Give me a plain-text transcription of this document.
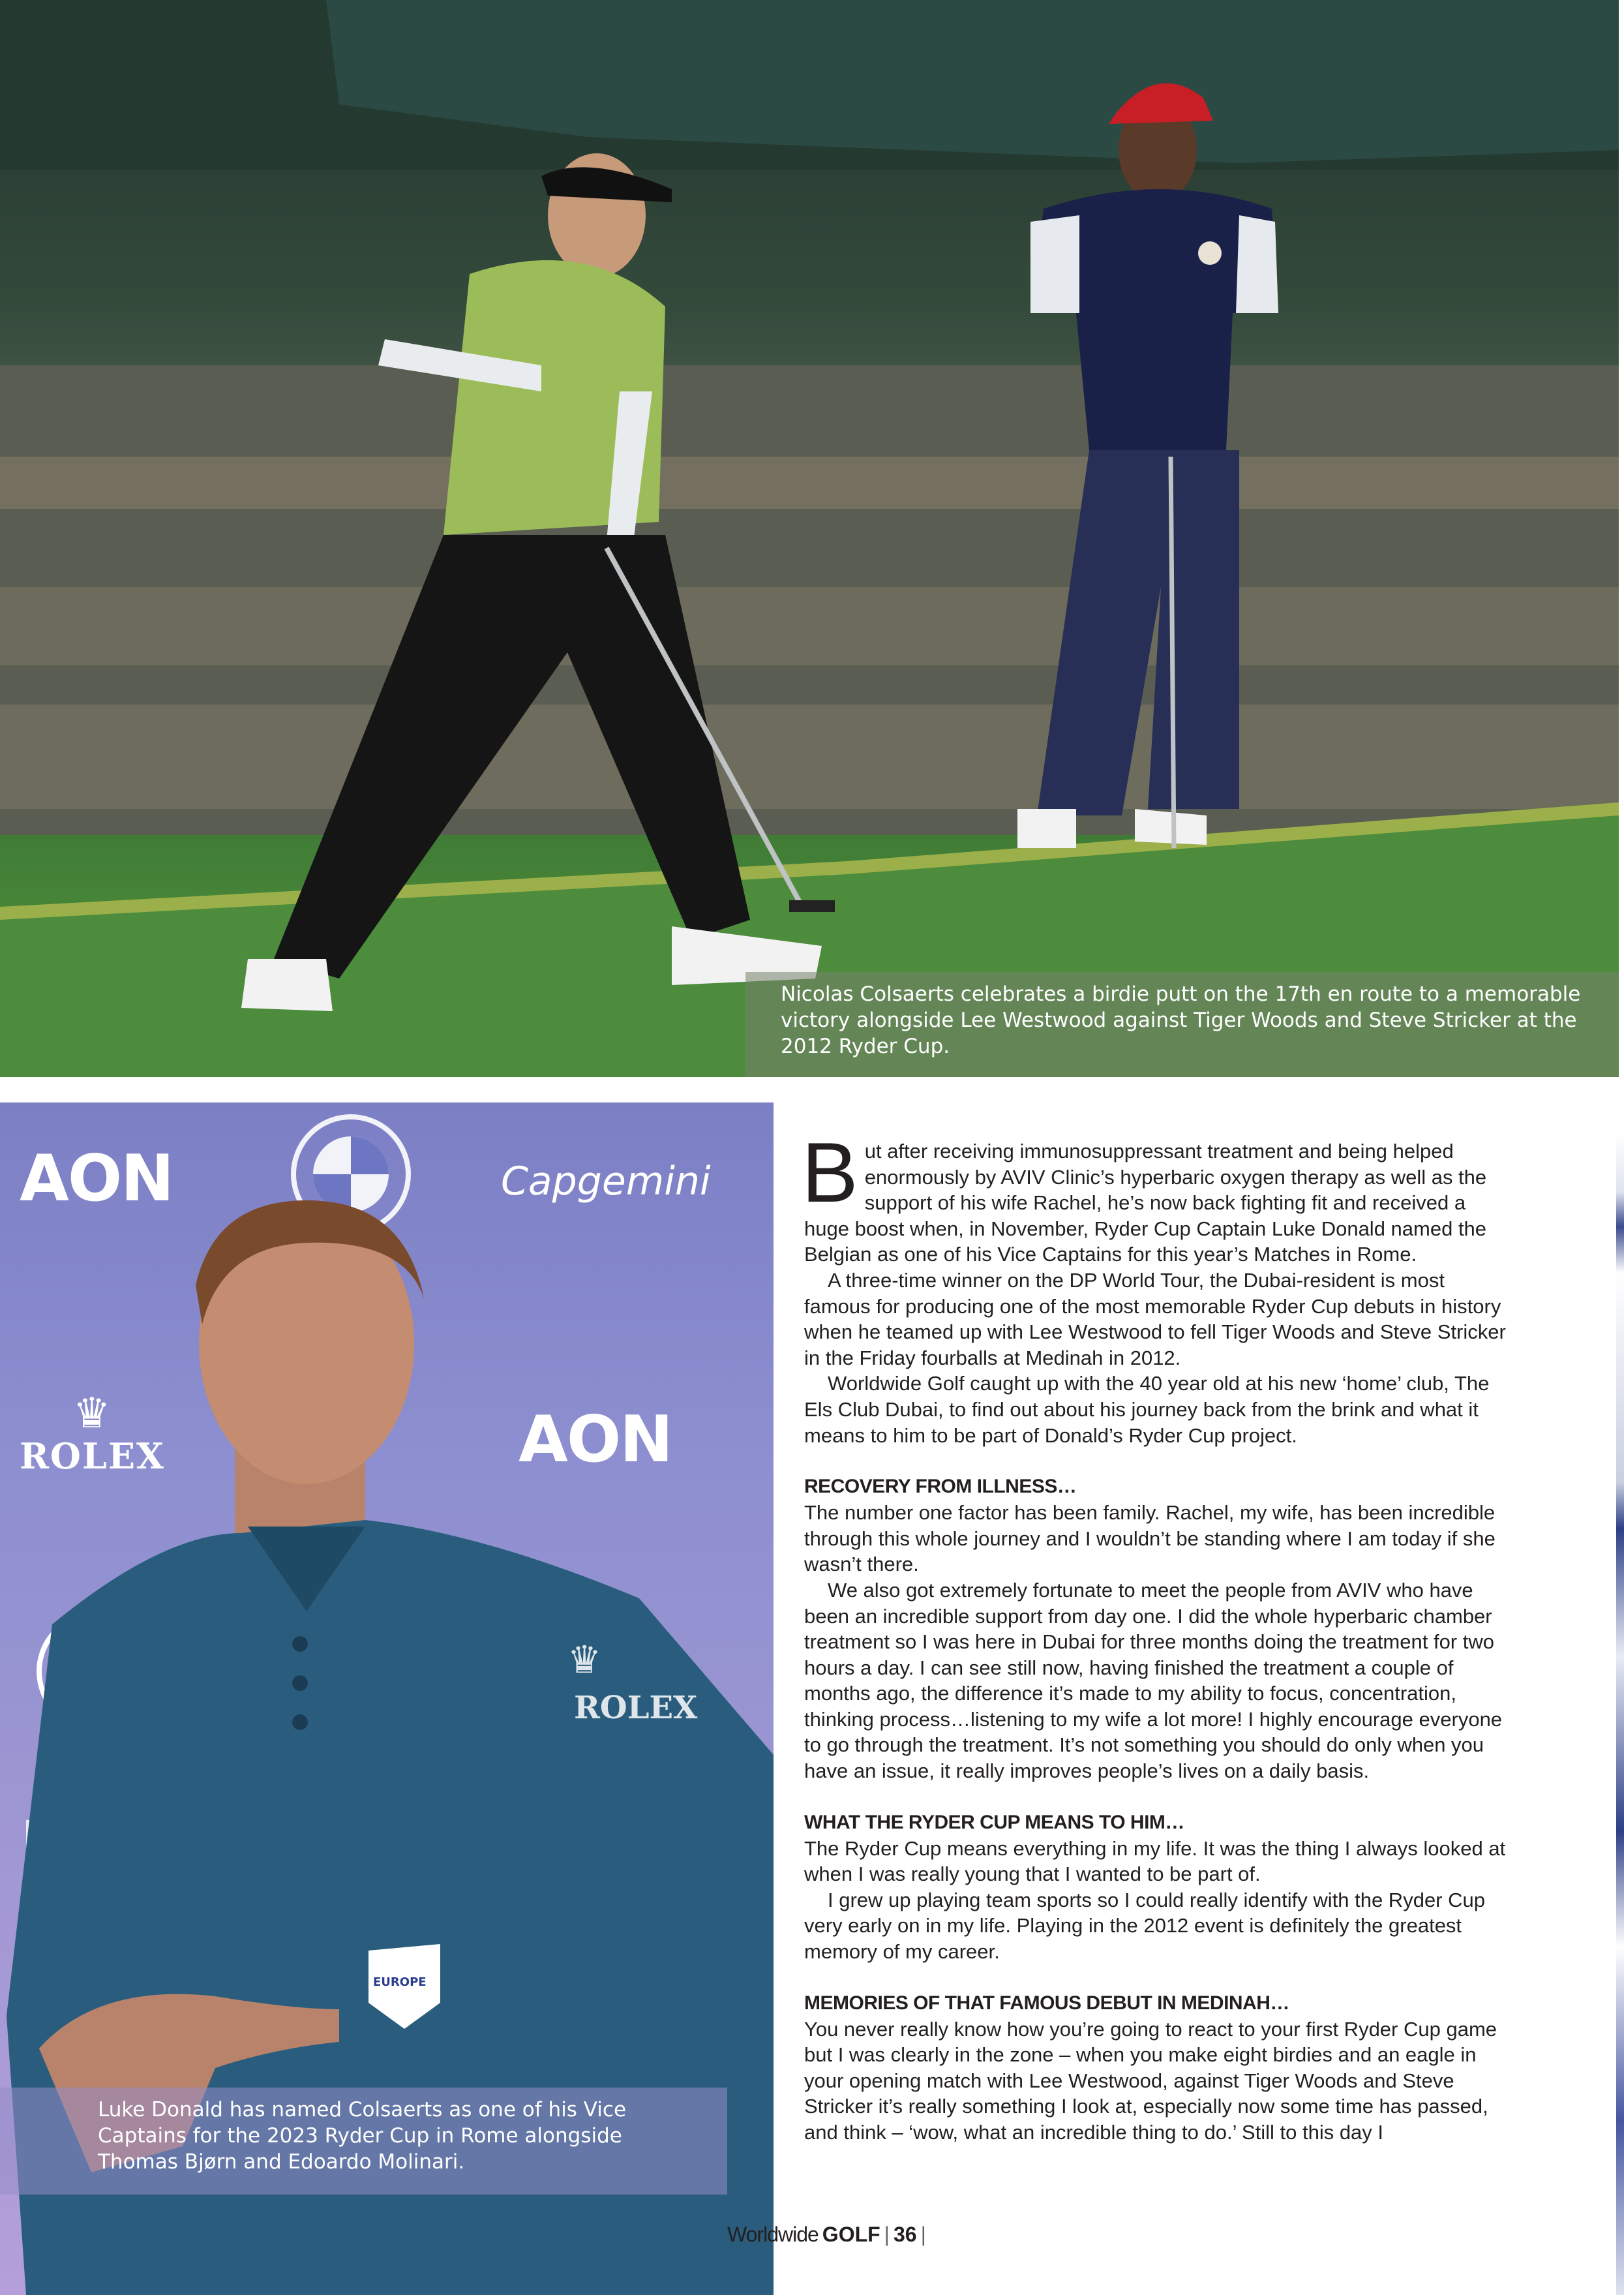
Nicolas Colsaerts celebrates a birdie putt on the 17th en route to a memorable victory alongside Lee Westwood against Tiger Woods and Steve Stricker at the 2012 Ryder Cup.
AON	Capgemini
ROLEX	AON
ROLEX
EUROPE
♛
♛
Luke Donald has named Colsaerts as one of his Vice Captains for the 2023 Ryder Cup in Rome alongside Thomas Bjørn and Edoardo Molinari.
B ut after receiving immunosuppressant treatment and being helped enormously by AVIV Clinic’s hyperbaric oxygen therapy as well as the support of his wife Rachel, he’s now back fighting fit and received a huge boost when, in November, Ryder Cup Captain Luke Donald named the Belgian as one of his Vice Captains for this year’s Matches in Rome.

A three-time winner on the DP World Tour, the Dubai-resident is most famous for producing one of the most memorable Ryder Cup debuts in history when he teamed up with Lee Westwood to fell Tiger Woods and Steve Stricker in the Friday fourballs at Medinah in 2012.

Worldwide Golf caught up with the 40 year old at his new ‘home’ club, The Els Club Dubai, to find out about his journey back from the brink and what it means to him to be part of Donald’s Ryder Cup project.

RECOVERY FROM ILLNESS…

The number one factor has been family. Rachel, my wife, has been incredible through this whole journey and I wouldn’t be standing where I am today if she wasn’t there.

We also got extremely fortunate to meet the people from AVIV who have been an incredible support from day one. I did the whole hyperbaric chamber treatment so I was here in Dubai for three months doing the treatment for two hours a day. I can see still now, having finished the treatment a couple of months ago, the difference it’s made to my ability to focus, concentration, thinking process…listening to my wife a lot more! I highly encourage everyone to go through the treatment. It’s not something you should do only when you have an issue, it really improves people’s lives on a daily basis.

WHAT THE RYDER CUP MEANS TO HIM…

The Ryder Cup means everything in my life. It was the thing I always looked at when I was really young that I wanted to be part of.

I grew up playing team sports so I could really identify with the Ryder Cup very early on in my life. Playing in the 2012 event is definitely the greatest memory of my career.

MEMORIES OF THAT FAMOUS DEBUT IN MEDINAH…

You never really know how you’re going to react to your first Ryder Cup game but I was clearly in the zone – when you make eight birdies and an eagle in your opening match with Lee Westwood, against Tiger Woods and Steve Stricker it’s really something I look at, especially now some time has passed, and think – ‘wow, what an incredible thing to do.’ Still to this day I

Worldwide GOLF | 36 |
